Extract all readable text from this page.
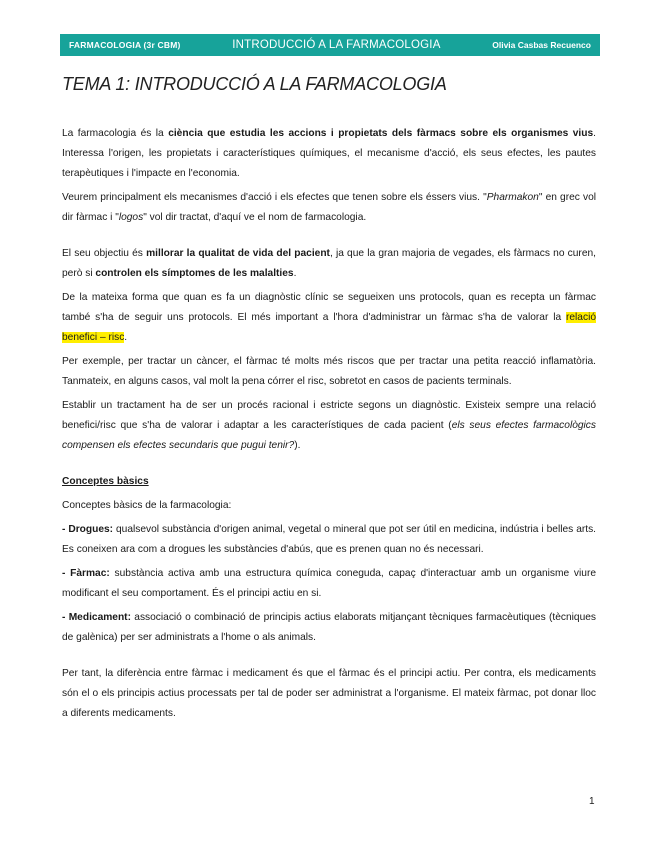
FARMACOLOGIA (3r CBM)	INTRODUCCIÓ A LA FARMACOLOGIA	Olivia Casbas Recuenco
TEMA 1: INTRODUCCIÓ A LA FARMACOLOGIA

La farmacologia és la ciència que estudia les accions i propietats dels fàrmacs sobre els organismes vius. Interessa l'origen, les propietats i característiques químiques, el mecanisme d'acció, els seus efectes, les pautes terapèutiques i l'impacte en l'economia.

Veurem principalment els mecanismes d'acció i els efectes que tenen sobre els éssers vius. "Pharmakon" en grec vol dir fàrmac i "logos" vol dir tractat, d'aquí ve el nom de farmacologia.

El seu objectiu és millorar la qualitat de vida del pacient, ja que la gran majoria de vegades, els fàrmacs no curen, però si controlen els símptomes de les malalties.

De la mateixa forma que quan es fa un diagnòstic clínic se segueixen uns protocols, quan es recepta un fàrmac també s'ha de seguir uns protocols. El més important a l'hora d'administrar un fàrmac s'ha de valorar la relació benefici – risc.

Per exemple, per tractar un càncer, el fàrmac té molts més riscos que per tractar una petita reacció inflamatòria. Tanmateix, en alguns casos, val molt la pena córrer el risc, sobretot en casos de pacients terminals.

Establir un tractament ha de ser un procés racional i estricte segons un diagnòstic. Existeix sempre una relació benefici/risc que s'ha de valorar i adaptar a les característiques de cada pacient (els seus efectes farmacològics compensen els efectes secundaris que pugui tenir?).

Conceptes bàsics

Conceptes bàsics de la farmacologia:

- Drogues: qualsevol substància d'origen animal, vegetal o mineral que pot ser útil en medicina, indústria i belles arts. Es coneixen ara com a drogues les substàncies d'abús, que es prenen quan no és necessari.

- Fàrmac: substància activa amb una estructura química coneguda, capaç d'interactuar amb un organisme viure modificant el seu comportament. És el principi actiu en si.

- Medicament: associació o combinació de principis actius elaborats mitjançant tècniques farmacèutiques (tècniques de galènica) per ser administrats a l'home o als animals.

Per tant, la diferència entre fàrmac i medicament és que el fàrmac és el principi actiu. Per contra, els medicaments són el o els principis actius processats per tal de poder ser administrat a l'organisme. El mateix fàrmac, pot donar lloc a diferents medicaments.

1
